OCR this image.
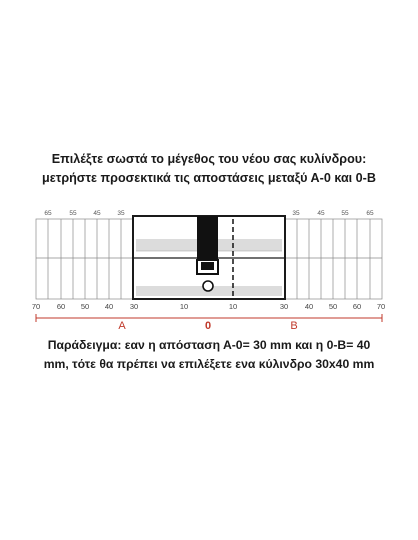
Επιλέξτε σωστά το μέγεθος του νέου σας κυλίνδρου:
μετρήστε προσεκτικά τις αποστάσεις μεταξύ Α-0 και 0-Β
65	55	45	35	35	45	55	65
70 60 50 40 30	10	10	30 40 50 60 70
A	0	B
Παράδειγμα: εαν η απόσταση Α-0= 30 mm και η 0-Β= 40
mm, τότε θα πρέπει να επιλέξετε ενα κύλινδρο 30x40 mm
